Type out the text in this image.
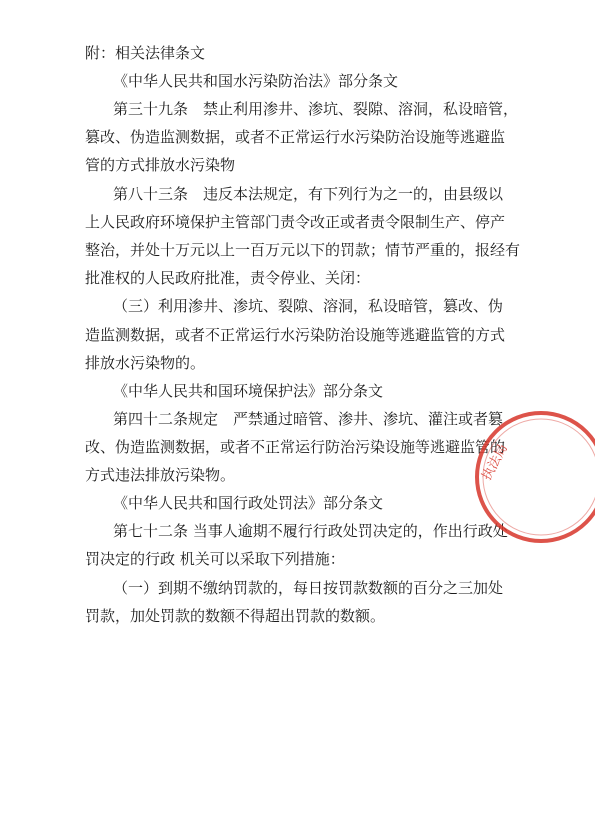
附：相关法律条文
《中华人民共和国水污染防治法》部分条文
第三十九条　禁止利用渗井、渗坑、裂隙、溶洞，私设暗管，
篡改、伪造监测数据，或者不正常运行水污染防治设施等逃避监
管的方式排放水污染物
第八十三条　违反本法规定，有下列行为之一的，由县级以
上人民政府环境保护主管部门责令改正或者责令限制生产、停产
整治，并处十万元以上一百万元以下的罚款；情节严重的，报经有
批准权的人民政府批准，责令停业、关闭：
（三）利用渗井、渗坑、裂隙、溶洞，私设暗管，篡改、伪
造监测数据，或者不正常运行水污染防治设施等逃避监管的方式
排放水污染物的。
《中华人民共和国环境保护法》部分条文
第四十二条规定　严禁通过暗管、渗井、渗坑、灌注或者篡
改、伪造监测数据，或者不正常运行防治污染设施等逃避监管的
方式违法排放污染物。
《中华人民共和国行政处罚法》部分条文
第七十二条 当事人逾期不履行行政处罚决定的，作出行政处
罚决定的行政 机关可以采取下列措施：
（一）到期不缴纳罚款的，每日按罚款数额的百分之三加处
罚款，加处罚款的数额不得超出罚款的数额。
执法局
